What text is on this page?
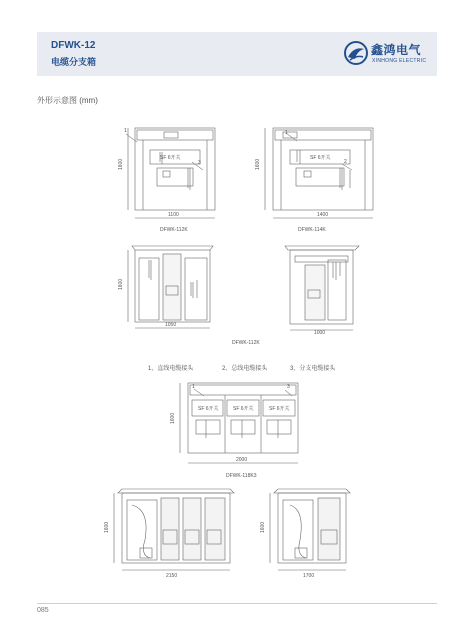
DFWK-12
电缆分支箱
鑫鸿电气
XINHONG ELECTRIC
外形示意图 (mm)
1600
1100
DFWK-112K
1
3
SF 6开关
1600
1400
DFWK-114K
1
2
SF 6开关
1600
1050
1000
DFWK-112K
1、直线电缆接头	2、总线电缆接头	3、分支电缆接头
1600
2000
DFWK-118K3
1	3
SF 6开关	SF 6开关	SF 6开关
1600
2150
1600
1700
085
